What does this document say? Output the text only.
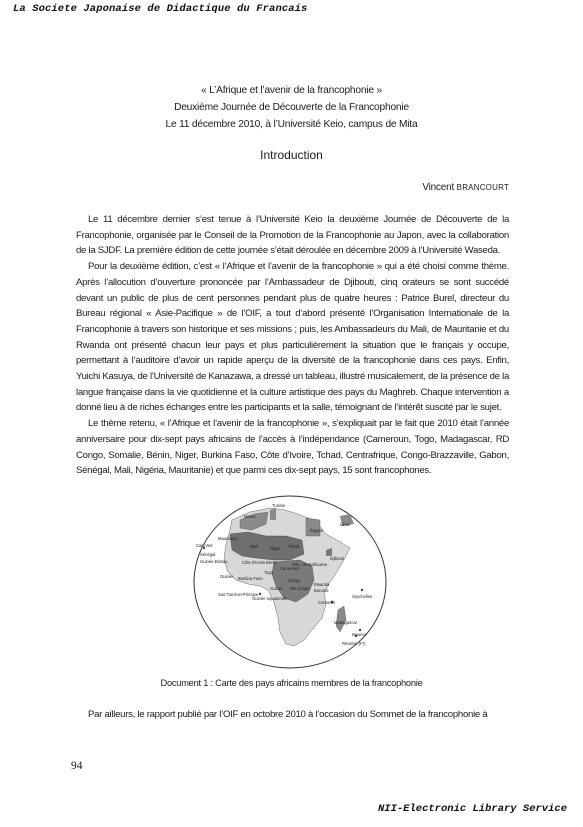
La Societe Japonaise de Didactique du Francais
« L’Afrique et l’avenir de la francophonie »
Deuxième Journée de Découverte de la Francophonie
Le 11 décembre 2010, à l’Université Keio, campus de Mita
Introduction
Vincent BRANCOURT

Le 11 décembre dernier s’est tenue à l’Université Keio la deuxième Journée de Découverte de la Francophonie, organisée par le Conseil de la Promotion de la Francophonie au Japon, avec la collaboration de la SJDF. La première édition de cette journée s’était déroulée en décembre 2009 à l’Université Waseda.

Pour la deuxième édition, c’est « l’Afrique et l’avenir de la francophonie » qui a été choisi comme thème. Après l’allocution d’ouverture prononcée par l’Ambassadeur de Djibouti, cinq orateurs se sont succédé devant un public de plus de cent personnes pendant plus de quatre heures : Patrice Burel, directeur du Bureau régional « Asie-Pacifique » de l’OIF, a tout d’abord présenté l’Organisation Internationale de la Francophonie à travers son historique et ses missions ; puis, les Ambassadeurs du Mali, de Mauritanie et du Rwanda ont présenté chacun leur pays et plus particulièrement la situation que le français y occupe, permettant à l’auditoire d’avoir un rapide aperçu de la diversité de la francophonie dans ces pays. Enfin, Yuichi Kasuya, de l’Université de Kanazawa, a dressé un tableau, illustré musicalement, de la présence de la langue française dans la vie quotidienne et la culture artistique des pays du Maghreb. Chaque intervention a donné lieu à de riches échanges entre les participants et la salle, témoignant de l’intérêt suscité par le sujet.

Le thème retenu, « l’Afrique et l’avenir de la francophonie », s’expliquait par le fait que 2010 était l’année anniversaire pour dix-sept pays africains de l’accès à l’indépendance (Cameroun, Togo, Madagascar, RD Congo, Somalie, Bénin, Niger, Burkina Faso, Côte d’Ivoire, Tchad, Centrafrique, Congo-Brazzaville, Gabon, Sénégal, Mali, Nigéria, Mauritanie) et que parmi ces dix-sept pays, 15 sont francophones.

Maroc
Tunisie
Liban
Égypte
Mauritanie
Mali	Niger Tchad
Cap-Vert
Sénégal
Guinée-Bissau
Guinée Burkina Faso
Côte d'Ivoire
Togo
Bénin
Cameroun
Gabon
Rép. centrafricaine
Congo
RD Congo
Djibouti
Rwanda
Burundi
Sao Tomé-et-Principe
Guinée équatoriale
Comores
Seychelles
Madagascar
Maurice
Réunion (Fr)
Document 1 : Carte des pays africains membres de la francophonie
Par ailleurs, le rapport publié par l’OIF en octobre 2010 à l’occasion du Sommet de la francophonie à
94
NII-Electronic Library Service
